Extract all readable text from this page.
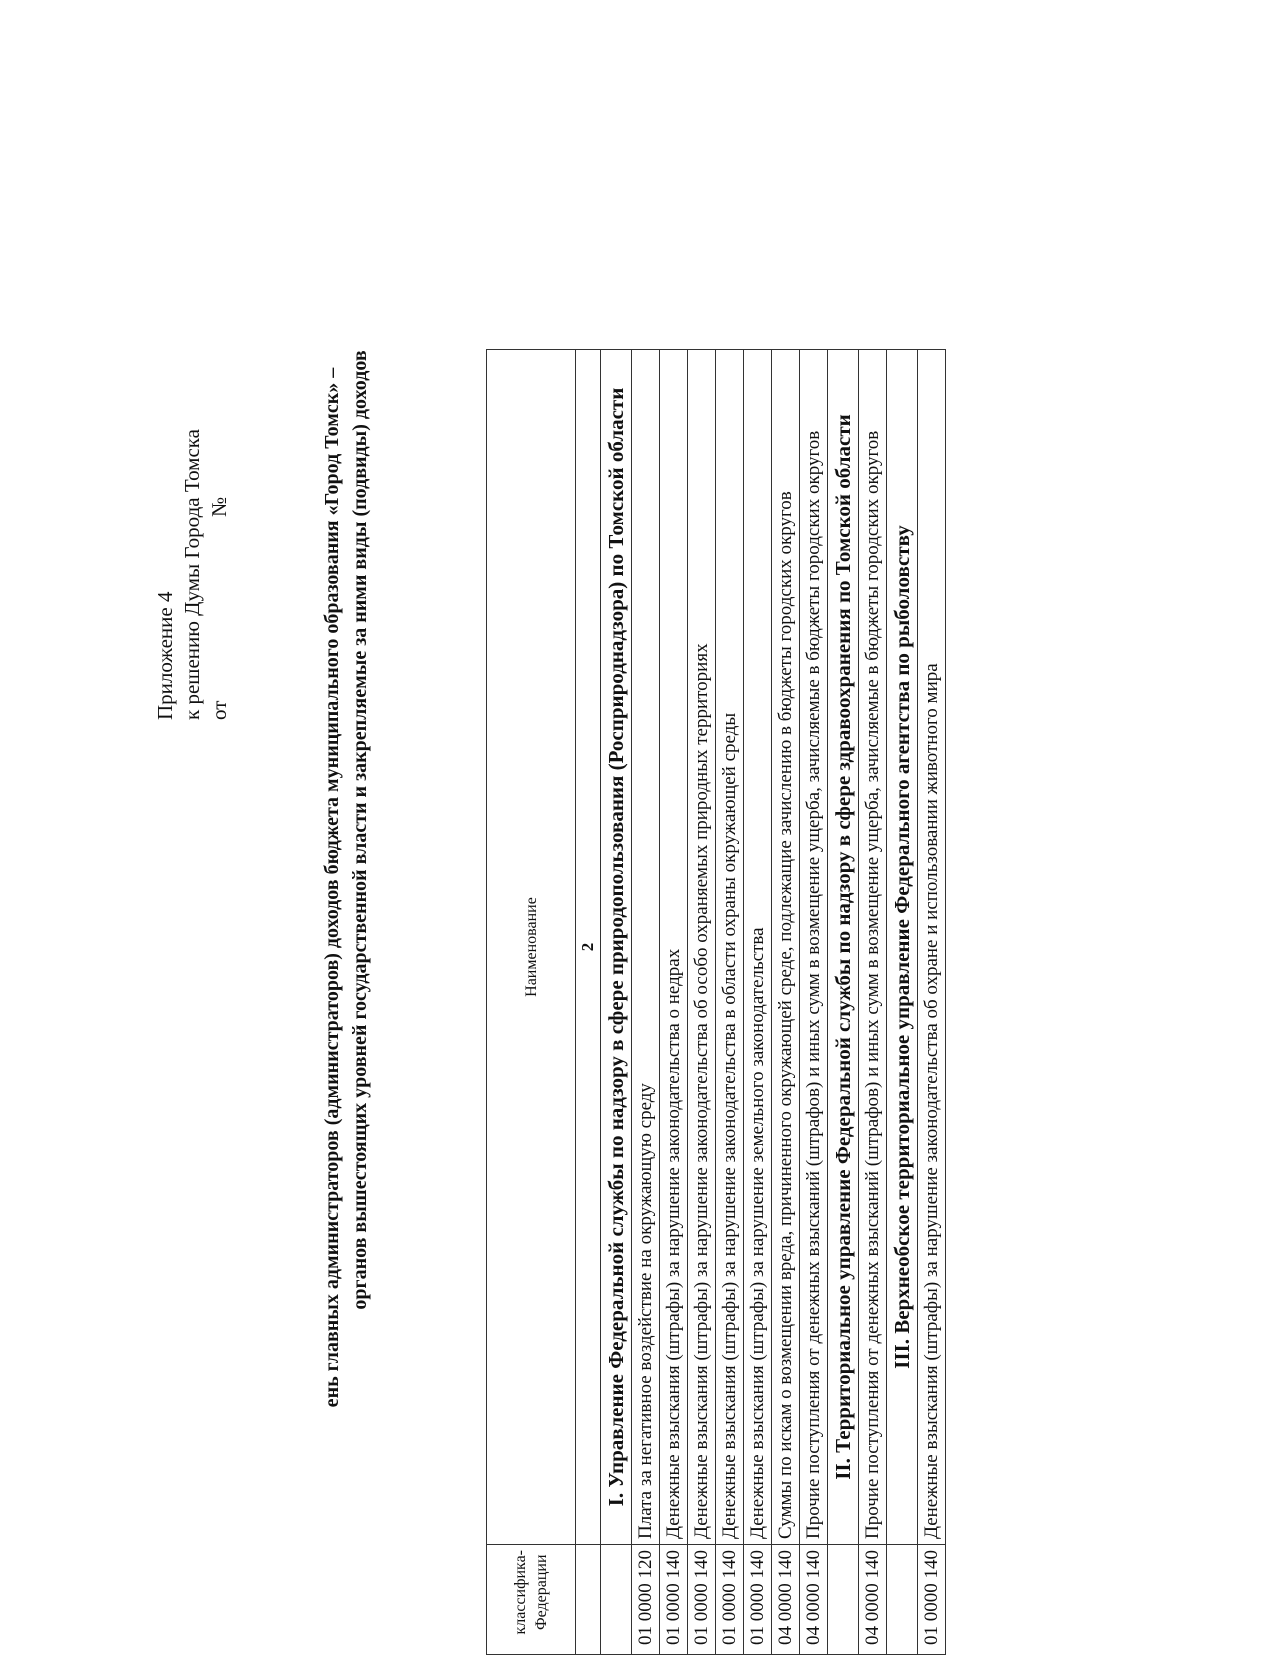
Приложение 4 к решению Думы Города Томска от                                   №	ень главных администраторов (администраторов) доходов бюджета муниципального образования «Город Томск» – органов вышестоящих уровней государственной власти и закрепляемые за ними виды (подвиды) доходов
классифика-
Федерации	Наименование
	2
	I. Управление Федеральной службы по надзору в сфере природопользования (Росприроднадзора) по Томской области
01 0000 120	Плата за негативное воздействие на окружающую среду
01 0000 140	Денежные взыскания (штрафы) за нарушение законодательства о недрах
01 0000 140	Денежные взыскания (штрафы) за нарушение законодательства об особо охраняемых природных территориях
01 0000 140	Денежные взыскания (штрафы) за нарушение законодательства в области охраны окружающей среды
01 0000 140	Денежные взыскания (штрафы) за нарушение земельного законодательства
04 0000 140	Суммы по искам о возмещении вреда, причиненного окружающей среде, подлежащие зачислению в бюджеты городских округов
04 0000 140	Прочие поступления от денежных взысканий (штрафов) и иных сумм в возмещение ущерба, зачисляемые в бюджеты городских округов
	II. Территориальное управление Федеральной службы по надзору в сфере здравоохранения по Томской области
04 0000 140	Прочие поступления от денежных взысканий (штрафов) и иных сумм в возмещение ущерба, зачисляемые в бюджеты городских округов
	III. Верхнеобское территориальное управление Федерального агентства по рыболовству
01 0000 140	Денежные взыскания (штрафы) за нарушение законодательства об охране и использовании животного мира
